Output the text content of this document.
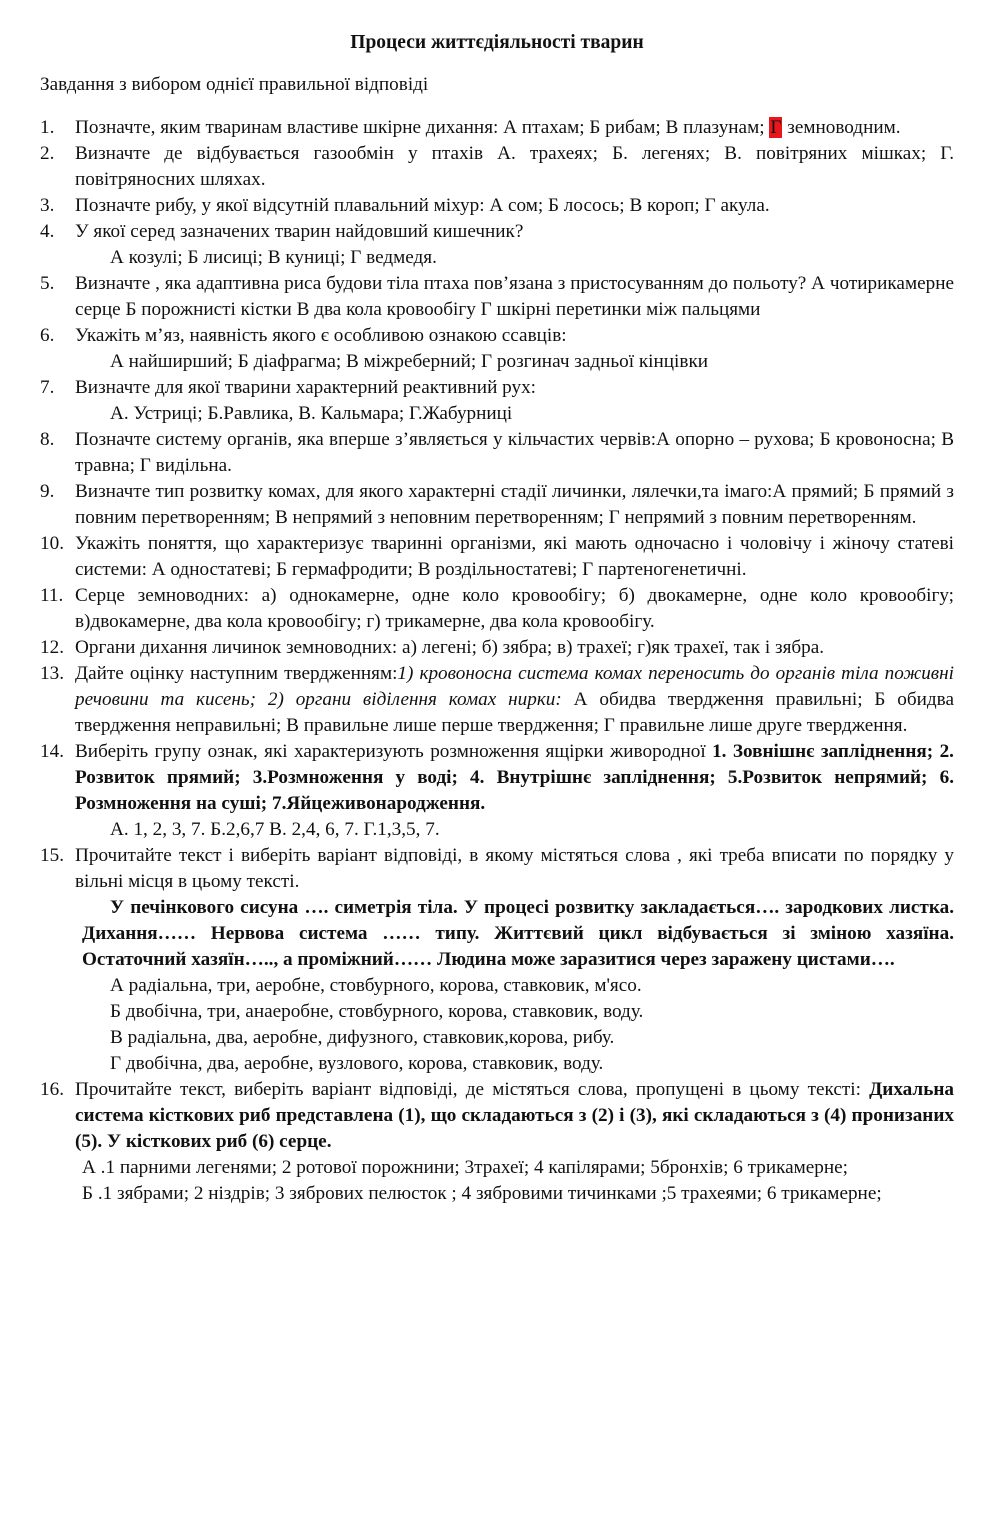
Процеси життєдіяльності тварин
Завдання з вибором однієї правильної відповіді
1.	Позначте, яким тваринам властиве шкірне дихання: А птахам; Б рибам; В плазунам; Г земноводним.
2.	Визначте де відбувається газообмін у птахів А. трахеях; Б. легенях; В. повітряних мішках; Г. повітряносних шляхах.
3.	Позначте рибу, у якої відсутній плавальний міхур: А сом; Б лосось; В короп; Г акула.
4.	У якої серед зазначених тварин найдовший кишечник?
А козулі; Б лисиці; В куниці; Г ведмедя.
5.	Визначте , яка адаптивна риса будови тіла птаха пов’язана з пристосуванням до польоту? А чотирикамерне серце Б порожнисті кістки В два кола кровообігу Г шкірні перетинки між пальцями
6.	Укажіть м’яз, наявність якого є особливою ознакою ссавців:
А найширший; Б діафрагма; В міжреберний; Г розгинач задньої кінцівки
7.	Визначте для якої тварини характерний реактивний рух:
А. Устриці; Б.Равлика, В. Кальмара; Г.Жабурниці
8.	Позначте систему органів, яка вперше з’являється у кільчастих червів:А опорно – рухова; Б кровоносна; В травна; Г видільна.
9.	Визначте тип розвитку комах, для якого характерні стадії личинки, лялечки,та імаго:А прямий; Б прямий з повним перетворенням; В непрямий з неповним перетворенням; Г непрямий з повним перетворенням.
10. Укажіть поняття, що характеризує тваринні організми, які мають одночасно і чоловічу і жіночу статеві системи: А одностатеві; Б гермафродити; В роздільностатеві; Г партеногенетичні.
11. Серце земноводних: а) однокамерне, одне коло кровообігу; б) двокамерне, одне коло кровообігу; в)двокамерне, два кола кровообігу; г) трикамерне, два кола кровообігу.
12. Органи дихання личинок земноводних: а) легені; б) зябра; в) трахеї; г)як трахеї, так і зябра.
13. Дайте оцінку наступним твердженням:1) кровоносна система комах переносить до органів тіла поживні речовини та кисень; 2) органи віділення комах нирки: А обидва твердження правильні; Б обидва твердження неправильні; В правильне лише перше твердження; Г правильне лише друге твердження.
14. Виберіть групу ознак, які характеризують розмноження ящірки живородної 1. Зовнішнє запліднення; 2. Розвиток прямий; 3.Розмноження у воді; 4. Внутрішнє запліднення; 5.Розвиток непрямий; 6. Розмноження на суші; 7.Яйцеживонародження.
А. 1, 2, 3, 7. Б.2,6,7 В. 2,4, 6, 7. Г.1,3,5, 7.
15. Прочитайте текст і виберіть варіант відповіді, в якому містяться слова , які треба вписати по порядку у вільні місця в цьому тексті.
У печінкового сисуна …. симетрія тіла. У процесі розвитку закладається…. зародкових листка. Дихання…… Нервова система …… типу. Життєвий цикл відбувається зі зміною хазяїна. Остаточний хазяїн….., а проміжний…… Людина може заразитися через заражену цистами….
А радіальна, три, аеробне, стовбурного, корова, ставковик, м'ясо.
Б двобічна, три, анаеробне, стовбурного, корова, ставковик, воду.
В радіальна, два, аеробне, дифузного, ставковик,корова, рибу.
Г двобічна, два, аеробне, вузлового, корова, ставковик, воду.
16. Прочитайте текст, виберіть варіант відповіді, де містяться слова, пропущені в цьому тексті: Дихальна система кісткових риб представлена (1), що складаються з (2) і (3), які складаються з (4) пронизаних (5). У кісткових риб (6) серце.
А .1 парними легенями; 2 ротової порожнини; 3трахеї; 4 капілярами; 5бронхів; 6 трикамерне;
Б .1 зябрами; 2 ніздрів; 3 зябрових пелюсток ; 4 зябровими тичинками ;5 трахеями; 6 трикамерне;
